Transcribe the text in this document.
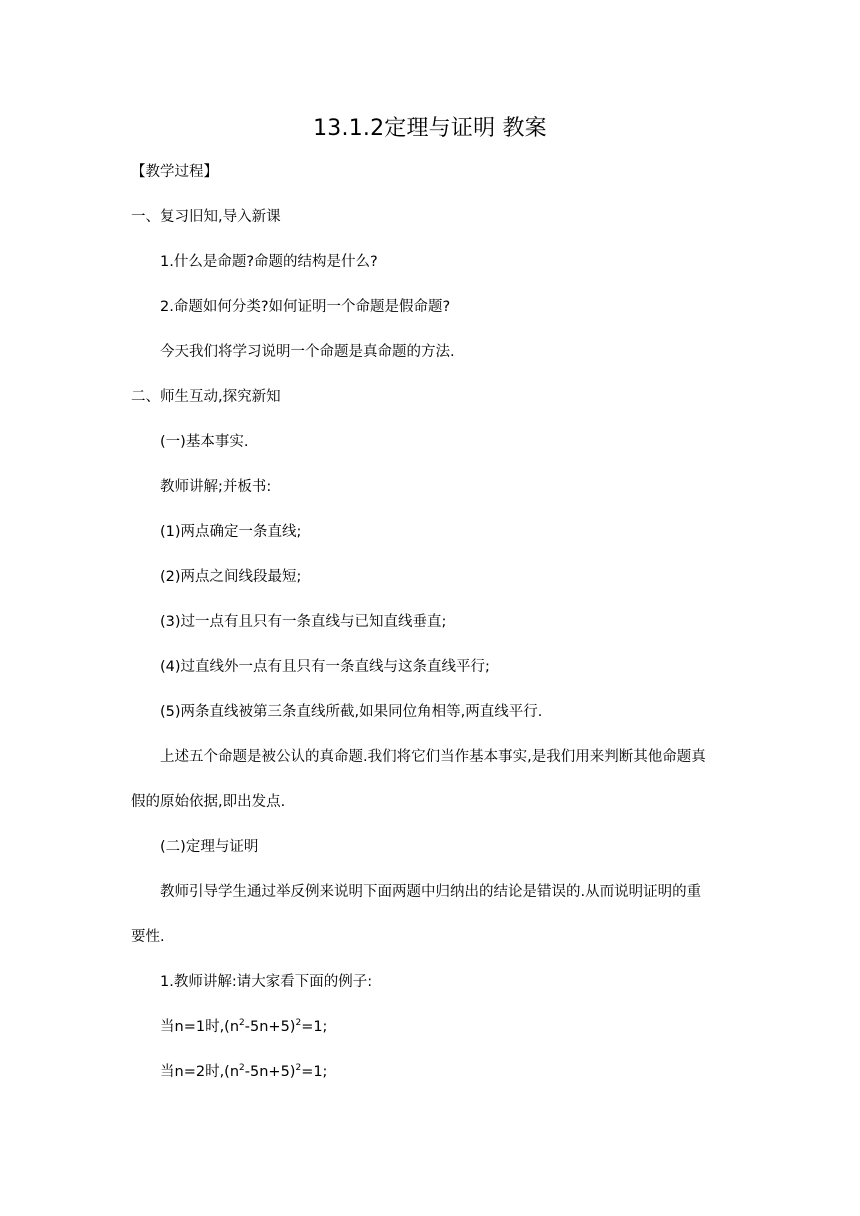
13.1.2定理与证明 教案
【教学过程】
一、复习旧知,导入新课
1.什么是命题?命题的结构是什么?
2.命题如何分类?如何证明一个命题是假命题?
今天我们将学习说明一个命题是真命题的方法.
二、师生互动,探究新知
(一)基本事实.
教师讲解;并板书:
(1)两点确定一条直线;
(2)两点之间线段最短;
(3)过一点有且只有一条直线与已知直线垂直;
(4)过直线外一点有且只有一条直线与这条直线平行;
(5)两条直线被第三条直线所截,如果同位角相等,两直线平行.
上述五个命题是被公认的真命题.我们将它们当作基本事实,是我们用来判断其他命题真
假的原始依据,即出发点.
(二)定理与证明
教师引导学生通过举反例来说明下面两题中归纳出的结论是错误的.从而说明证明的重
要性.
1.教师讲解:请大家看下面的例子:
当n=1时$,(n^2-5n+5)^2=1$;
当n=2时$,(n^2-5n+5)^2=1$;
